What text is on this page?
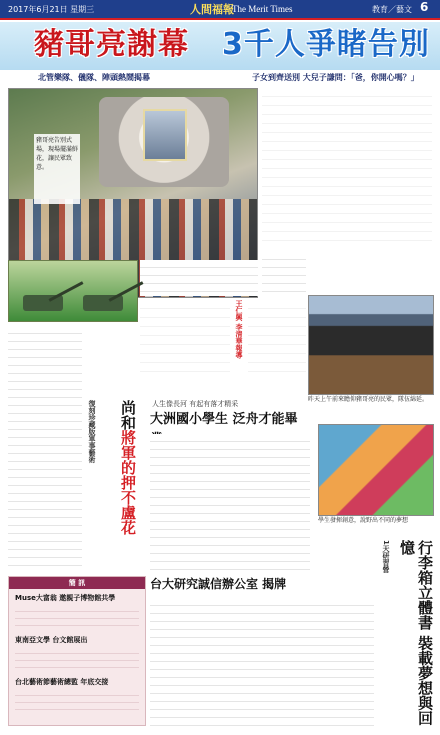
2017年6月21日 星期三	人間福報
The Merit Times	教育／藝文 6
豬哥亮謝幕 3千人爭睹告別
北管樂隊、儀隊、陣頭熱鬧揭幕	子女到齊送別 大兒子謙問：「爸，你開心嗎？」
豬哥亮告別式場，現場擺滿鮮花，讓民眾致意。
王仁興 李清華報導
昨天上午前來瞻仰豬哥亮的民眾，隊伍綿延。
復刻珍藏版軍事藝術	尚和將軍的押不盧花
人生像長河 有起有落才精采
大洲國小學生 泛舟才能畢
學生發揮創意，說野出不同的夢想
1天研習營	行李箱立體書 裝載夢想與回憶
台大研究誠信辦公室 揭牌
簡 訊
Muse大富翁 邀親子博物館共學
東南亞文學 台文館展出
台北藝術節藝術總監 年底交接
